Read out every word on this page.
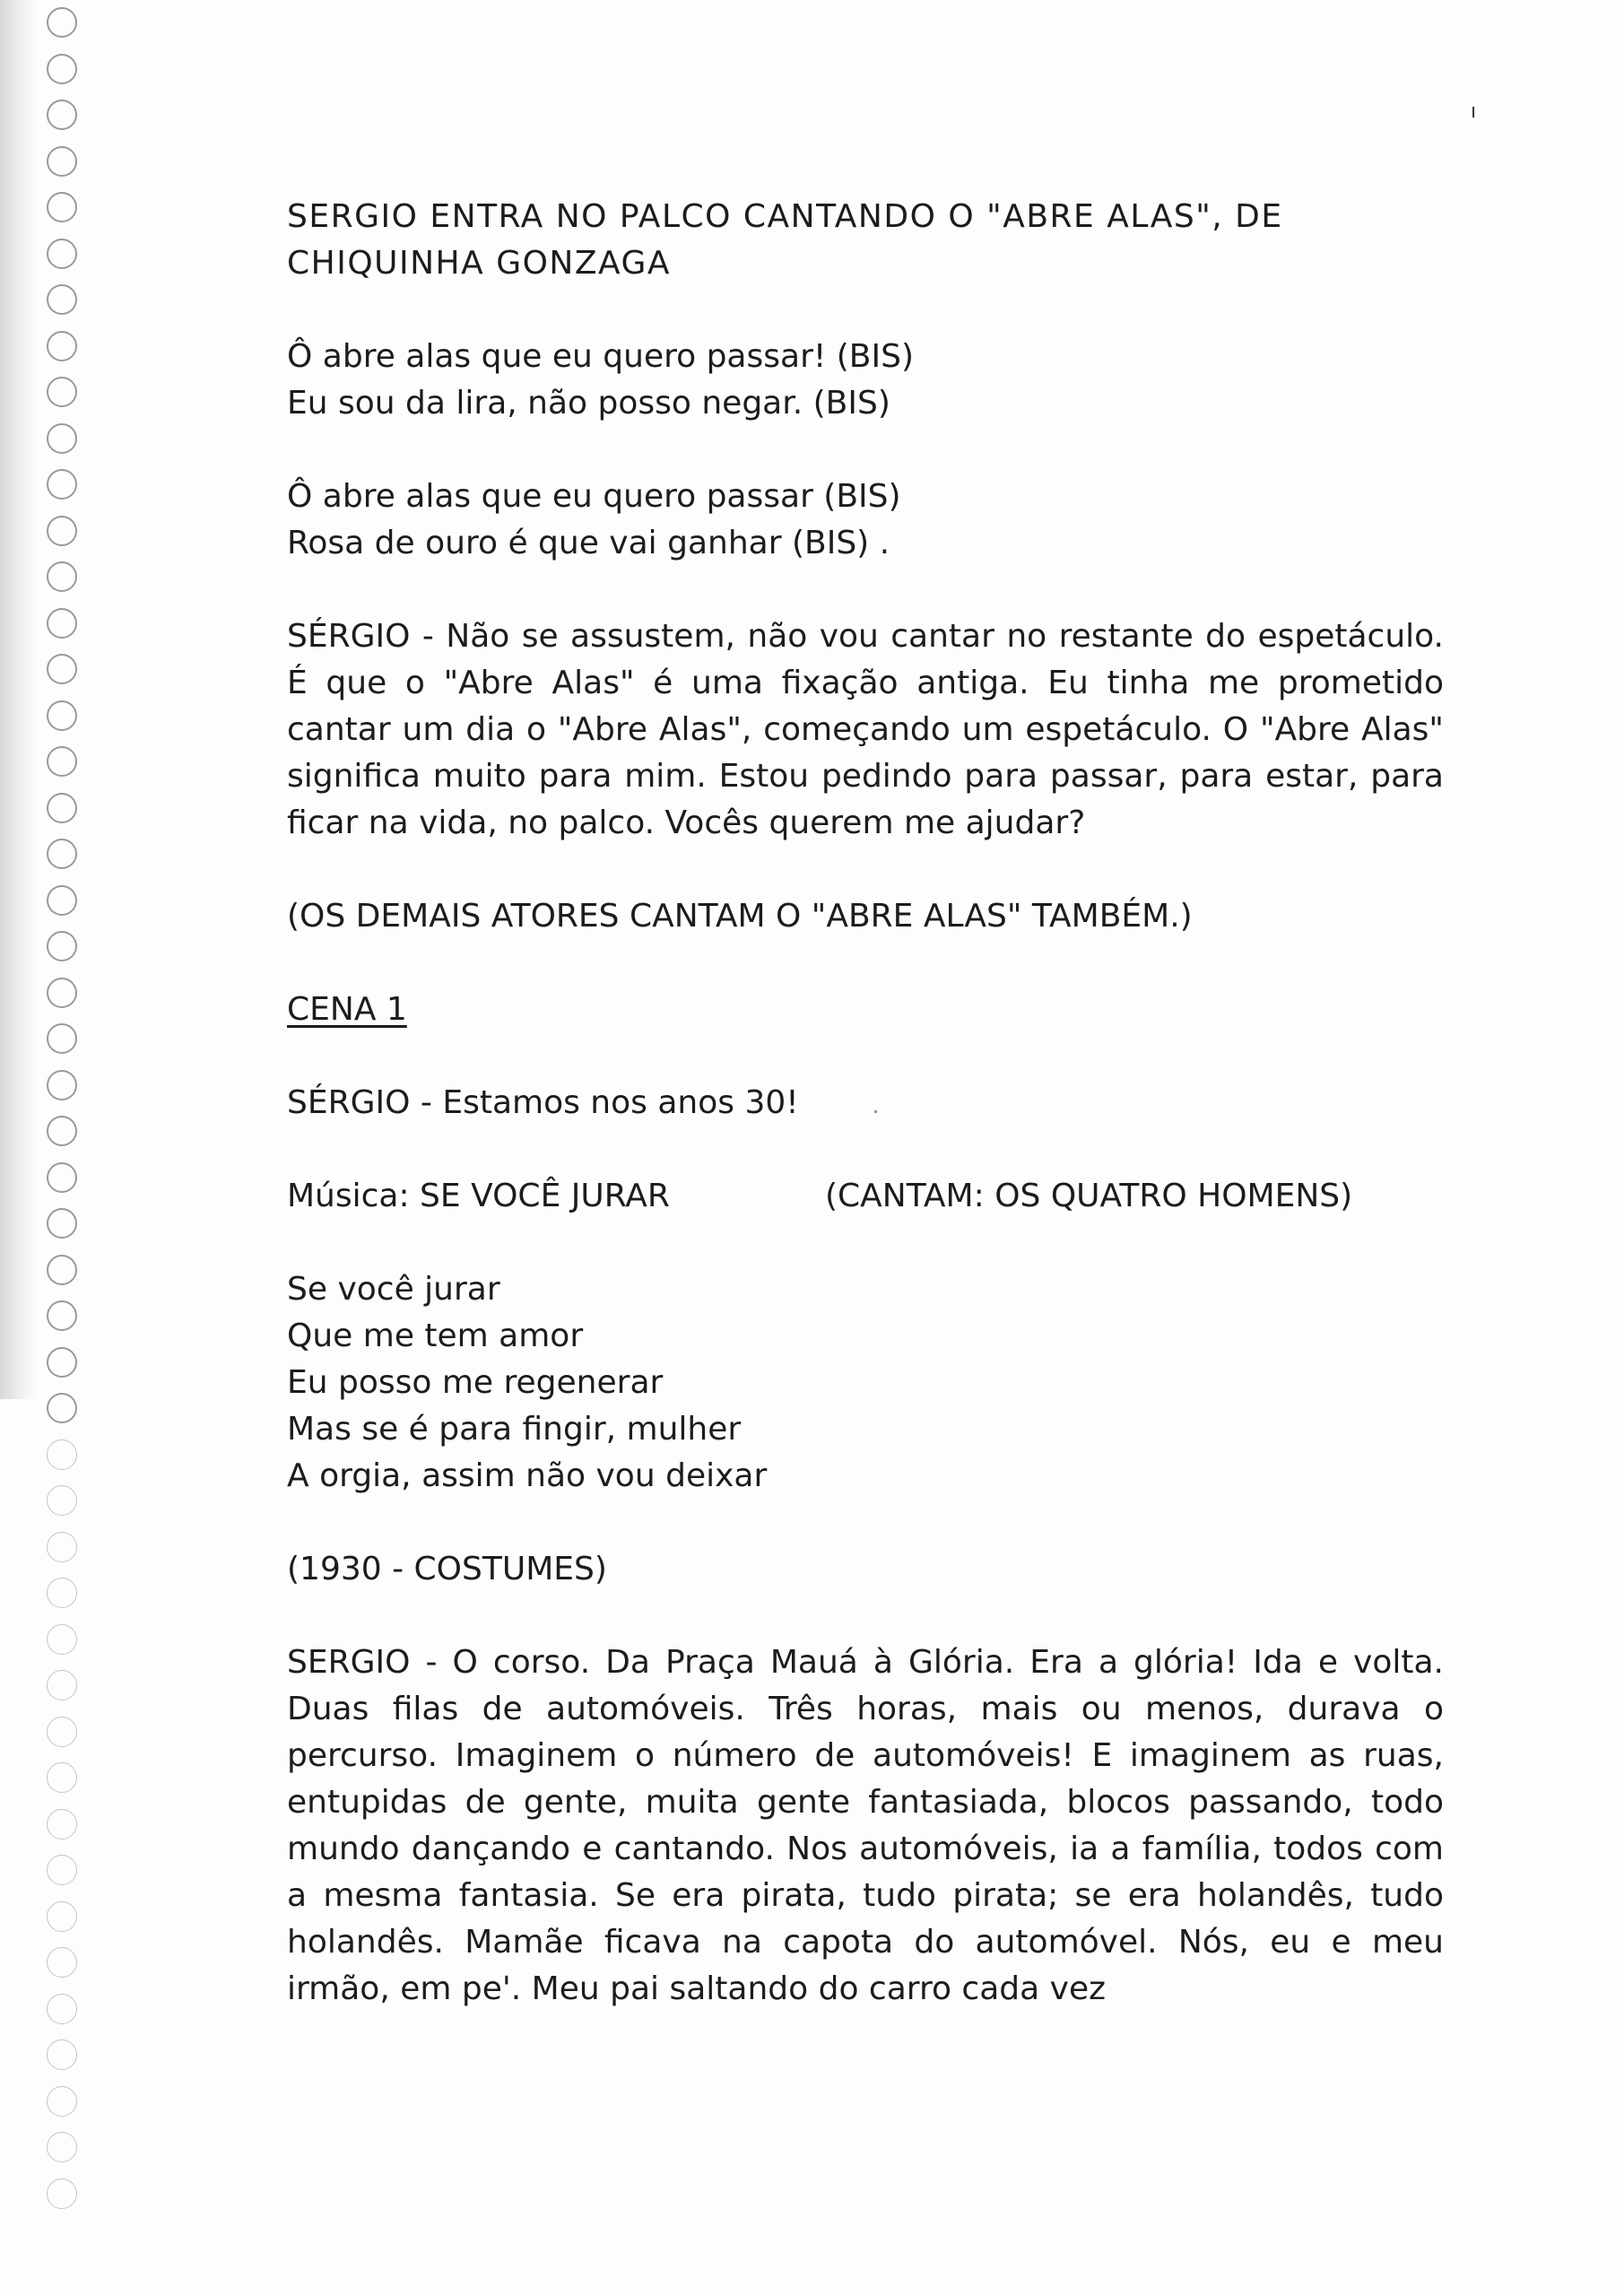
ı
SERGIO ENTRA NO PALCO CANTANDO O "ABRE ALAS", DE
CHIQUINHA GONZAGA
Ô abre alas que eu quero passar! (BIS)
Eu sou da lira, não posso negar. (BIS)
Ô abre alas que eu quero passar (BIS)
Rosa de ouro é que vai ganhar (BIS) .

SÉRGIO - Não se assustem, não vou cantar no restante do espetáculo. É que o "Abre Alas" é uma fixação antiga. Eu tinha me prometido cantar um dia o "Abre Alas", começando um espetáculo. O "Abre Alas" significa muito para mim. Estou pedindo para passar, para estar, para ficar na vida, no palco. Vocês querem me ajudar?

(OS DEMAIS ATORES CANTAM O "ABRE ALAS" TAMBÉM.)

CENA 1

SÉRGIO - Estamos nos anos 30!

Música: SE VOCÊ JURAR	(CANTAM: OS QUATRO HOMENS)
Se você jurar
Que me tem amor
Eu posso me regenerar
Mas se é para fingir, mulher
A orgia, assim não vou deixar

(1930 - COSTUMES)

SERGIO - O corso. Da Praça Mauá à Glória. Era a glória! Ida e volta. Duas filas de automóveis. Três horas, mais ou menos, durava o percurso. Imaginem o número de automóveis! E imaginem as ruas, entupidas de gente, muita gente fantasiada, blocos passando, todo mundo dançando e cantando. Nos automóveis, ia a família, todos com a mesma fantasia. Se era pirata, tudo pirata; se era holandês, tudo holandês. Mamãe ficava na capota do automóvel. Nós, eu e meu irmão, em pe'. Meu pai saltando do carro cada vez
